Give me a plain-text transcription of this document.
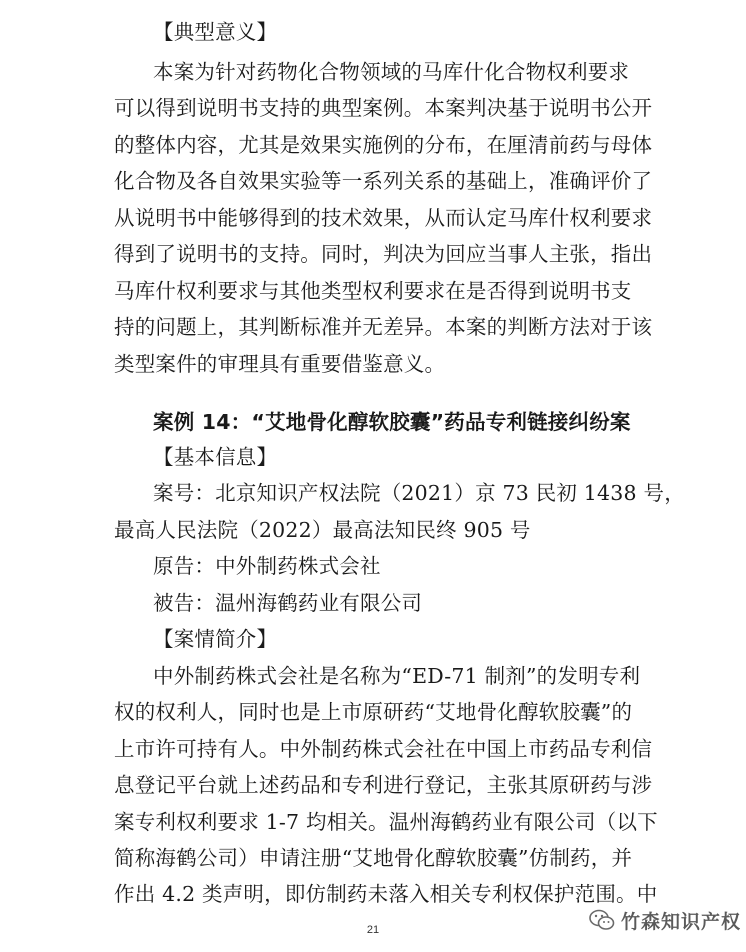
【典型意义】
本案为针对药物化合物领域的马库什化合物权利要求
可以得到说明书支持的典型案例。本案判决基于说明书公开
的整体内容，尤其是效果实施例的分布，在厘清前药与母体
化合物及各自效果实验等一系列关系的基础上，准确评价了
从说明书中能够得到的技术效果，从而认定马库什权利要求
得到了说明书的支持。同时，判决为回应当事人主张，指出
马库什权利要求与其他类型权利要求在是否得到说明书支
持的问题上，其判断标准并无差异。本案的判断方法对于该
类型案件的审理具有重要借鉴意义。
案例 14：“艾地骨化醇软胶囊”药品专利链接纠纷案
【基本信息】
案号：北京知识产权法院（2021）京 73 民初 1438 号，
最高人民法院（2022）最高法知民终 905 号
原告：中外制药株式会社
被告：温州海鹤药业有限公司
【案情简介】
中外制药株式会社是名称为“ED-71 制剂”的发明专利
权的权利人，同时也是上市原研药“艾地骨化醇软胶囊”的
上市许可持有人。中外制药株式会社在中国上市药品专利信
息登记平台就上述药品和专利进行登记，主张其原研药与涉
案专利权利要求 1-7 均相关。温州海鹤药业有限公司（以下
简称海鹤公司）申请注册“艾地骨化醇软胶囊”仿制药，并
作出 4.2 类声明，即仿制药未落入相关专利权保护范围。中
21	竹森知识产权
